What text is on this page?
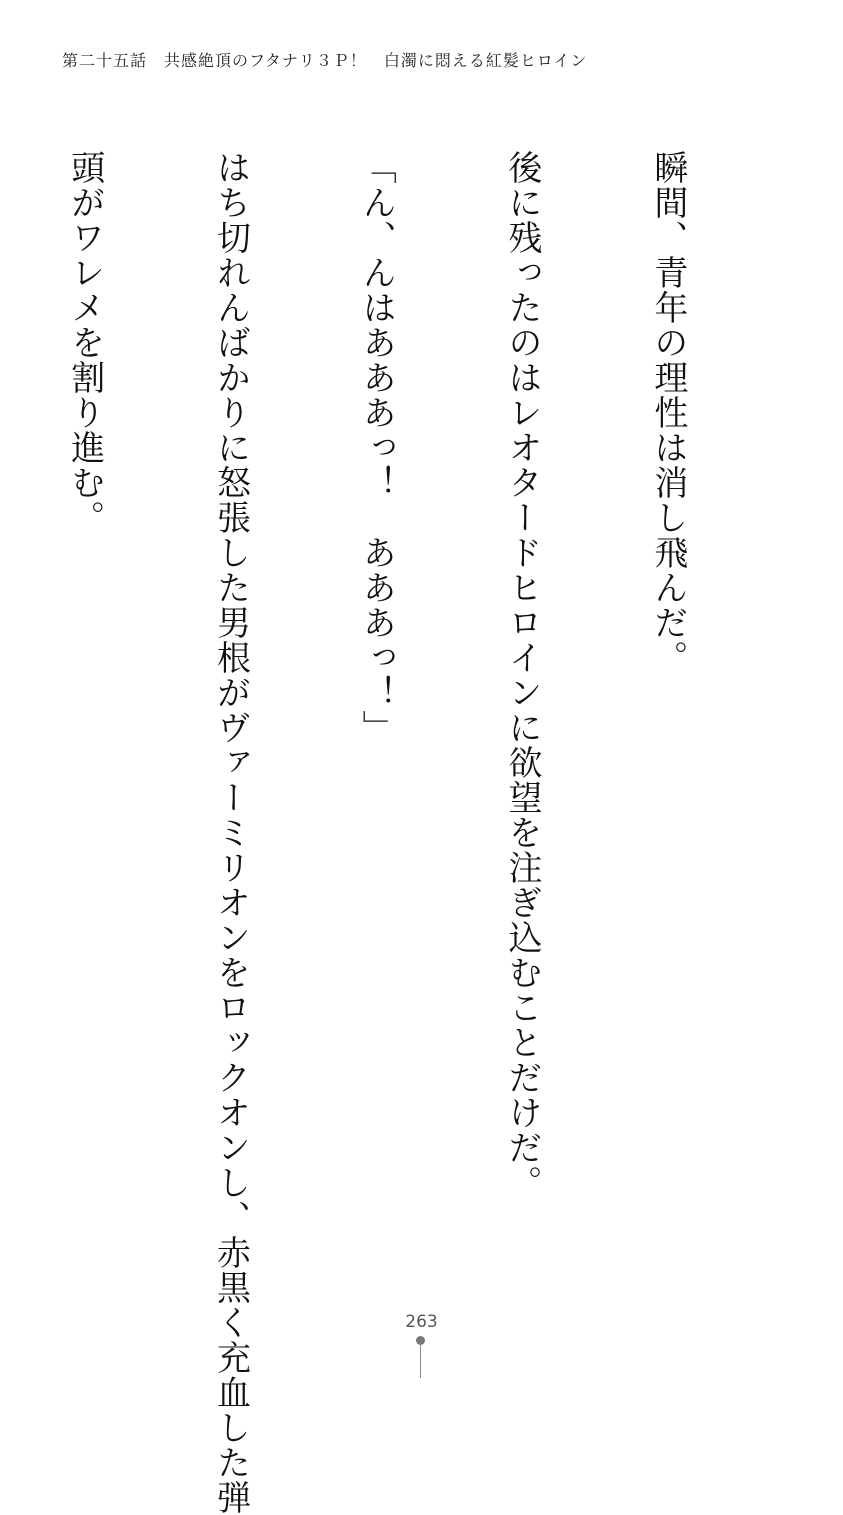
第二十五話　共感絶頂のフタナリ３Ｐ！　白濁に悶える紅髪ヒロイン

瞬間、青年の理性は消し飛んだ。

後に残ったのはレオタードヒロインに欲望を注ぎ込むことだけだ。

「ん、んはあああっ！　あああっ！」

はち切れんばかりに怒張した男根がヴァーミリオンをロックオンし、赤黒く充血した弾

頭がワレメを割り進む。

263
